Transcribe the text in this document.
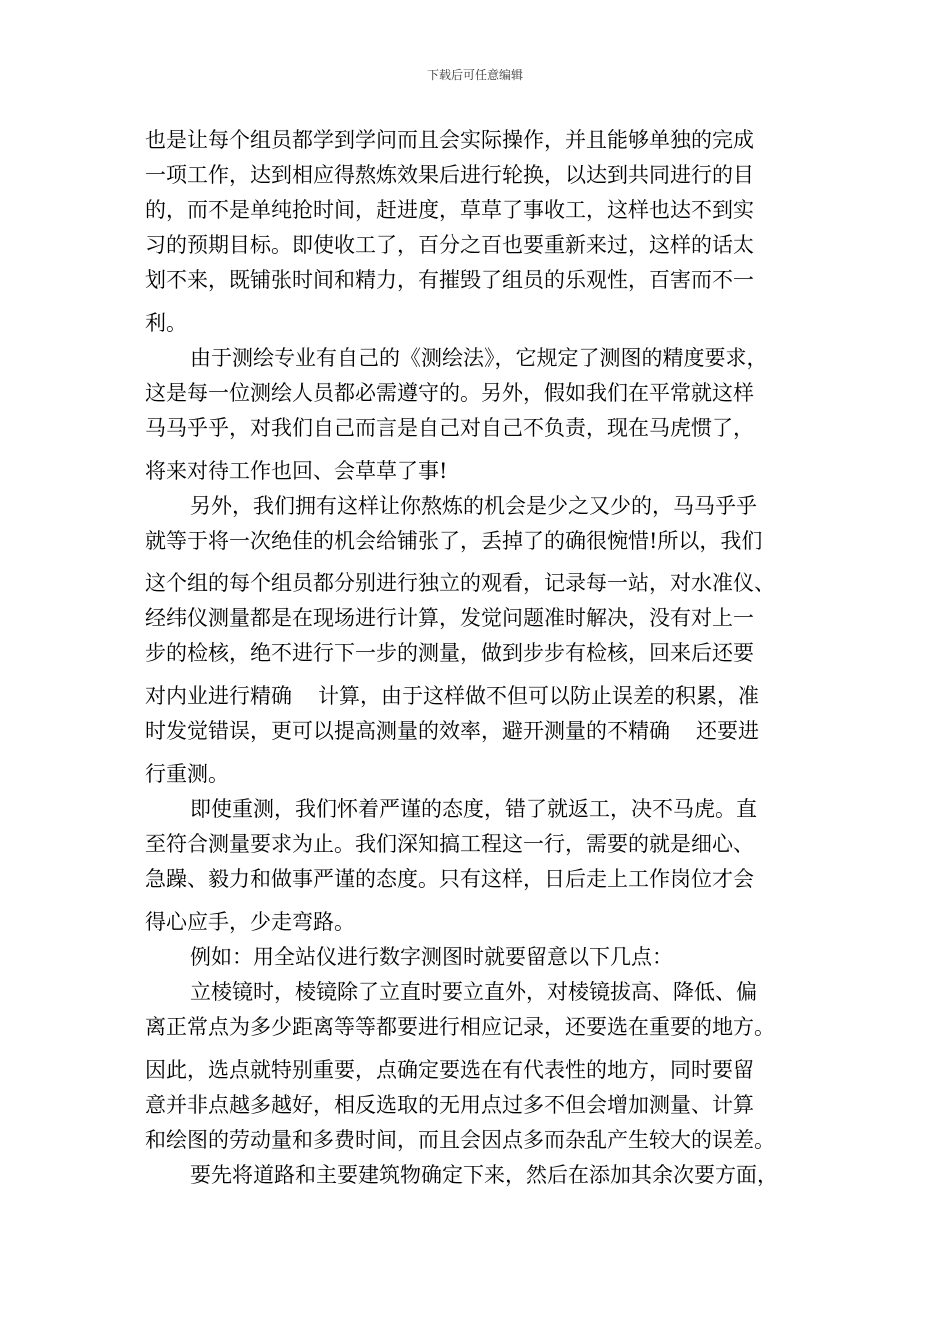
下载后可任意编辑
也是让每个组员都学到学问而且会实际操作，并且能够单独的完成
一项工作，达到相应得熬炼效果后进行轮换，以达到共同进行的目
的，而不是单纯抢时间，赶进度，草草了事收工，这样也达不到实
习的预期目标。即使收工了，百分之百也要重新来过，这样的话太
划不来，既铺张时间和精力，有摧毁了组员的乐观性，百害而不一
利。
由于测绘专业有自己的《测绘法》，它规定了测图的精度要求，
这是每一位测绘人员都必需遵守的。另外，假如我们在平常就这样
马马乎乎，对我们自己而言是自己对自己不负责，现在马虎惯了，
将来对待工作也回、会草草了事!
另外，我们拥有这样让你熬炼的机会是少之又少的，马马乎乎
就等于将一次绝佳的机会给铺张了，丢掉了的确很惋惜!所以，我们
这个组的每个组员都分别进行独立的观看，记录每一站，对水准仪、
经纬仪测量都是在现场进行计算，发觉问题准时解决，没有对上一
步的检核，绝不进行下一步的测量，做到步步有检核，回来后还要
对内业进行精确 计算，由于这样做不但可以防止误差的积累，准
时发觉错误，更可以提高测量的效率，避开测量的不精确 还要进
行重测。
即使重测，我们怀着严谨的态度，错了就返工，决不马虎。直
至符合测量要求为止。我们深知搞工程这一行，需要的就是细心、
急躁、毅力和做事严谨的态度。只有这样，日后走上工作岗位才会
得心应手，少走弯路。
例如：用全站仪进行数字测图时就要留意以下几点：
立棱镜时，棱镜除了立直时要立直外，对棱镜拔高、降低、偏
离正常点为多少距离等等都要进行相应记录，还要选在重要的地方。
因此，选点就特别重要，点确定要选在有代表性的地方，同时要留
意并非点越多越好，相反选取的无用点过多不但会增加测量、计算
和绘图的劳动量和多费时间，而且会因点多而杂乱产生较大的误差。
要先将道路和主要建筑物确定下来，然后在添加其余次要方面，
